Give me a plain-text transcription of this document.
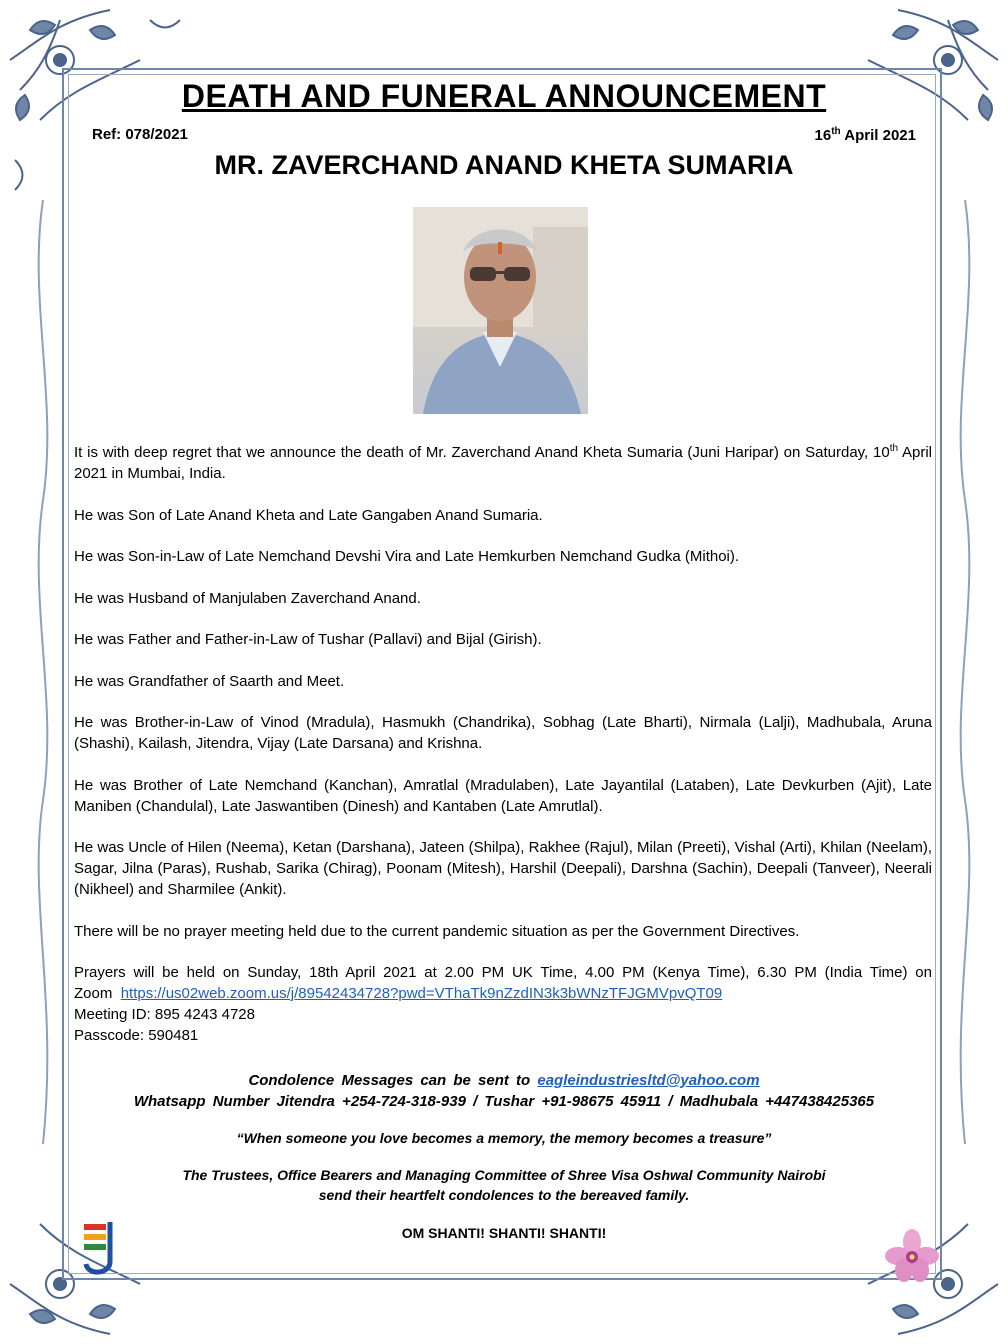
DEATH AND FUNERAL ANNOUNCEMENT
Ref: 078/2021	16th April 2021
MR. ZAVERCHAND ANAND KHETA SUMARIA

It is with deep regret that we announce the death of Mr. Zaverchand Anand Kheta Sumaria (Juni Haripar) on Saturday, 10th April 2021 in Mumbai, India.

He was Son of Late Anand Kheta and Late Gangaben Anand Sumaria.

He was Son-in-Law of Late Nemchand Devshi Vira and Late Hemkurben Nemchand Gudka (Mithoi).

He was Husband of Manjulaben Zaverchand Anand.

He was Father and Father-in-Law of Tushar (Pallavi) and Bijal (Girish).

He was Grandfather of Saarth and Meet.

He was Brother-in-Law of Vinod (Mradula), Hasmukh (Chandrika), Sobhag (Late Bharti), Nirmala (Lalji), Madhubala, Aruna (Shashi), Kailash, Jitendra, Vijay (Late Darsana) and Krishna.

He was Brother of Late Nemchand (Kanchan), Amratlal (Mradulaben), Late Jayantilal (Lataben), Late Devkurben (Ajit), Late Maniben (Chandulal), Late Jaswantiben (Dinesh) and Kantaben (Late Amrutlal).

He was Uncle of Hilen (Neema), Ketan (Darshana), Jateen (Shilpa), Rakhee (Rajul), Milan (Preeti), Vishal (Arti), Khilan (Neelam), Sagar, Jilna (Paras), Rushab, Sarika (Chirag), Poonam (Mitesh), Harshil (Deepali), Darshna (Sachin), Deepali (Tanveer), Neerali (Nikheel) and Sharmilee (Ankit).

There will be no prayer meeting held due to the current pandemic situation as per the Government Directives.

Prayers will be held on Sunday, 18th April 2021 at 2.00 PM UK Time, 4.00 PM (Kenya Time), 6.30 PM (India Time) on Zoom https://us02web.zoom.us/j/89542434728?pwd=VThaTk9nZzdIN3k3bWNzTFJGMVpvQT09

Meeting ID: 895 4243 4728

Passcode: 590481

Condolence Messages can be sent to eagleindustriesltd@yahoo.com
Whatsapp Number Jitendra +254-724-318-939 / Tushar +91-98675 45911 / Madhubala +447438425365
“When someone you love becomes a memory, the memory becomes a treasure”
The Trustees, Office Bearers and Managing Committee of Shree Visa Oshwal Community Nairobi
send their heartfelt condolences to the bereaved family.
OM SHANTI! SHANTI! SHANTI!
